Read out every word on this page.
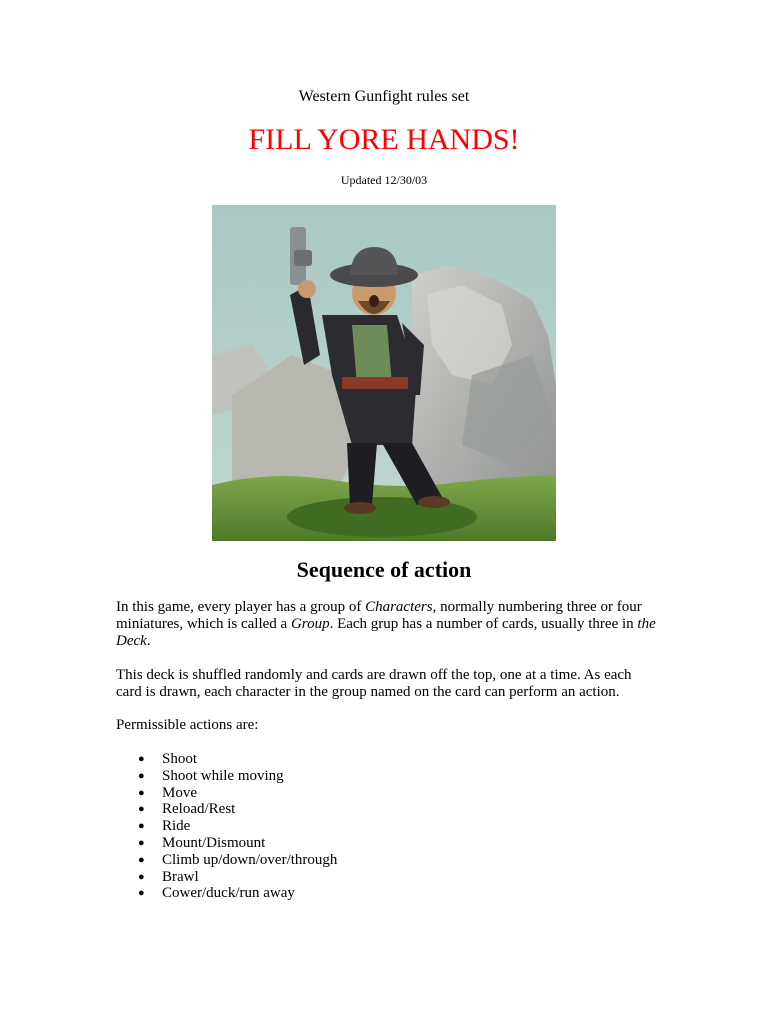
Western Gunfight rules set
FILL YORE HANDS!
Updated 12/30/03
Sequence of action

In this game, every player has a group of Characters, normally numbering three or four miniatures, which is called a Group. Each grup has a number of cards, usually three in the Deck.

This deck is shuffled randomly and cards are drawn off the top, one at a time. As each card is drawn, each character in the group named on the card can perform an action.

Permissible actions are:

● Shoot
● Shoot while moving
● Move
● Reload/Rest
● Ride
● Mount/Dismount
● Climb up/down/over/through
● Brawl
● Cower/duck/run away
